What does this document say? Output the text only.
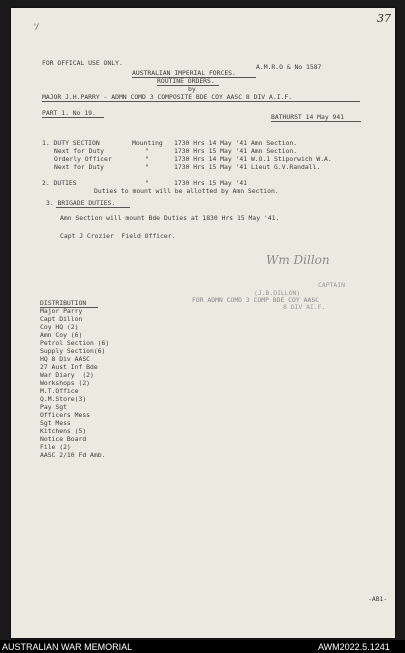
'/
37
FOR OFFICAL USE ONLY.	A.M.R.O & No 1587
AUSTRALIAN IMPERIAL FORCES.
ROUTINE ORDERS.
by
MAJOR J.H.PARRY - ADMN COMD 3 COMPOSITE BDE COY AASC 8 DIV A.I.F.
PART 1. No 19.	BATHURST 14 May 941
1. DUTY SECTION	Mounting 1730 Hrs 14 May '41 Amn Section.
Next for Duty	"	1730 Hrs 15 May '41 Amn Section.
Orderly Officer	"	1730 Hrs 14 May '41 W.O.1 Stiporwich W.A.
Next for Duty	"	1730 Hrs 15 May '41 Lieut G.V.Randall.
2. DUTIES	"	1730 Hrs 15 May '41
Duties to mount will be allotted by Amn Section.
3. BRIGADE DUTIES.
Amn Section will mount Bde Duties at 1830 Hrs 15 May '41.
Capt J Crozier  Field Officer.
Wm Dillon
CAPTAIN
(J.B.DILLON)
FOR ADMN COMD 3 COMP BDE COY AASC
8 DIV AI.F.
DISTRIBUTION
Major Parry
Capt Dillon
Coy HQ (2)
Amn Coy (6)
Petrol Section (6)
Supply Section(6)
HQ 8 Div AASC
27 Aust Inf Bde
War Diary  (2)
Workshops (2)
M.T.Office
Q.M.Store(3)
Pay Sgt
Officers Mess
Sgt Mess
Kitchens (5)
Notice Board
File (2)
AASC 2/10 Fd Amb.
-AB1-
AUSTRALIAN WAR MEMORIAL	AWM2022.5.1241
